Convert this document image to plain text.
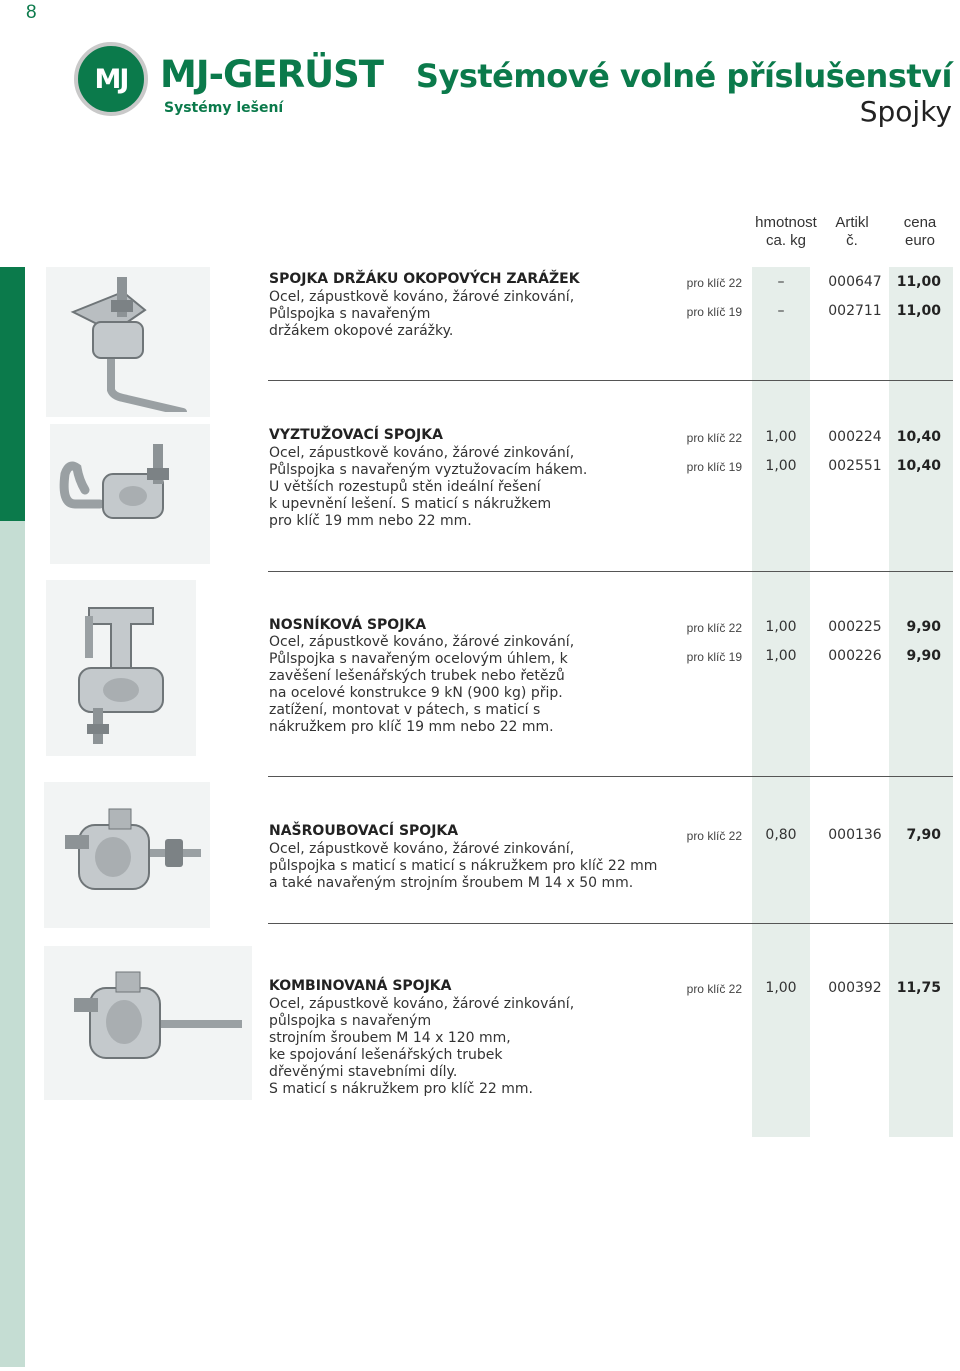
8
MJ MJ-GERÜST
Systémy lešení
Systémové volné příslušenství
Spojky
hmotnost
ca. kg
Artikl
č.
cena
euro
SPOJKA DRŽÁKU OKOPOVÝCH ZARÁŽEK
Ocel, zápustkově kováno, žárové zinkování,
Půlspojka s navařeným
držákem okopové zarážky.
pro klíč 22	–	000647	11,00
pro klíč 19	–	002711	11,00
VYZTUŽOVACÍ SPOJKA
Ocel, zápustkově kováno, žárové zinkování,
Půlspojka s navařeným vyztužovacím hákem.
U větších rozestupů stěn ideální řešení
k upevnění lešení. S maticí s nákružkem
pro klíč 19 mm nebo 22 mm.
pro klíč 22	1,00	000224	10,40
pro klíč 19	1,00	002551	10,40
NOSNÍKOVÁ SPOJKA
Ocel, zápustkově kováno, žárové zinkování,
Půlspojka s navařeným ocelovým úhlem, k
zavěšení lešenářských trubek nebo řetězů
na ocelové konstrukce 9 kN (900 kg) přip.
zatížení, montovat v pátech, s maticí s
nákružkem pro klíč 19 mm nebo 22 mm.
pro klíč 22	1,00	000225	9,90
pro klíč 19	1,00	000226	9,90
NAŠROUBOVACÍ SPOJKA
Ocel, zápustkově kováno, žárové zinkování,
půlspojka s maticí s maticí s nákružkem pro klíč 22 mm
a také navařeným strojním šroubem M 14 x 50 mm.
pro klíč 22	0,80	000136	7,90
KOMBINOVANÁ SPOJKA
Ocel, zápustkově kováno, žárové zinkování,
půlspojka s navařeným
strojním šroubem M 14 x 120 mm,
ke spojování lešenářských trubek
dřevěnými stavebními díly.
S maticí s nákružkem pro klíč 22 mm.
pro klíč 22	1,00	000392	11,75
